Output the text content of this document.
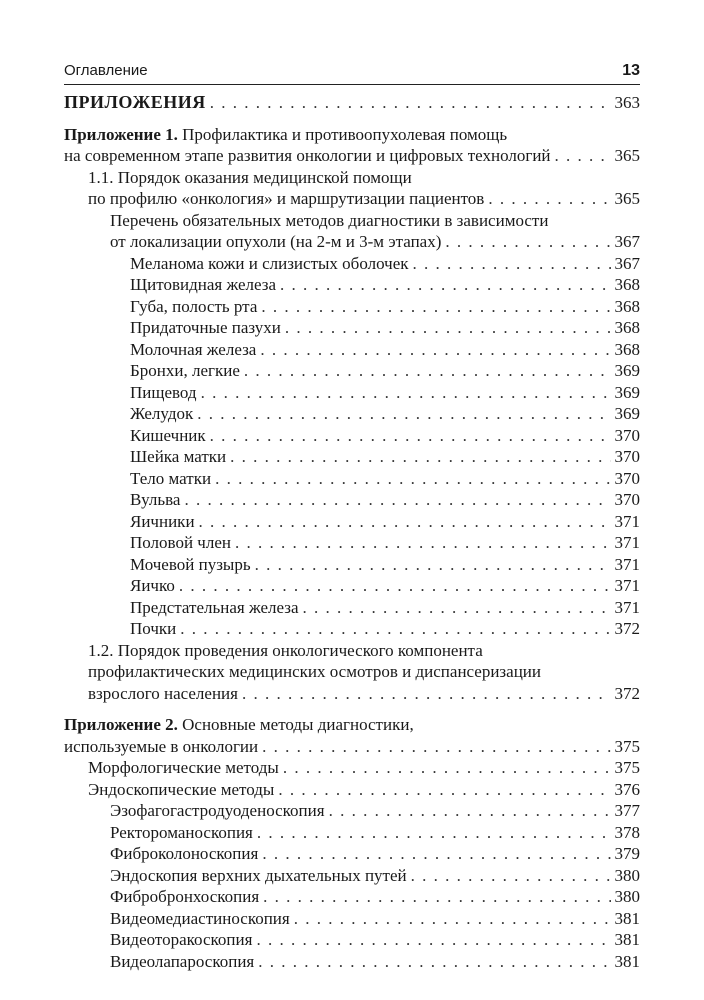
Оглавление	13
ПРИЛОЖЕНИЯ . . .	363
Приложение 1. Профилактика и противоопухолевая помощь
на современном этапе развития онкологии и цифровых технологий . . .	365
1.1. Порядок оказания медицинской помощи
по профилю «онкология» и маршрутизации пациентов . . .	365
Перечень обязательных методов диагностики в зависимости
от локализации опухоли (на 2-м и 3-м этапах) . . .	367
Меланома кожи и слизистых оболочек . . .	367
Щитовидная железа . . .	368
Губа, полость рта . . .	368
Придаточные пазухи . . .	368
Молочная железа . . .	368
Бронхи, легкие . . .	369
Пищевод . . .	369
Желудок . . .	369
Кишечник . . .	370
Шейка матки . . .	370
Тело матки . . .	370
Вульва . . .	370
Яичники . . .	371
Половой член . . .	371
Мочевой пузырь . . .	371
Яичко . . .	371
Предстательная железа . . .	371
Почки . . .	372
1.2. Порядок проведения онкологического компонента
профилактических медицинских осмотров и диспансеризации
взрослого населения . . .	372
Приложение 2. Основные методы диагностики,
используемые в онкологии . . .	375
Морфологические методы . . .	375
Эндоскопические методы . . .	376
Эзофагогастродуоденоскопия . . .	377
Ректороманоскопия . . .	378
Фиброколоноскопия . . .	379
Эндоскопия верхних дыхательных путей . . .	380
Фибробронхоскопия . . .	380
Видеомедиастиноскопия . . .	381
Видеоторакоскопия . . .	381
Видеолапароскопия . . .	381
